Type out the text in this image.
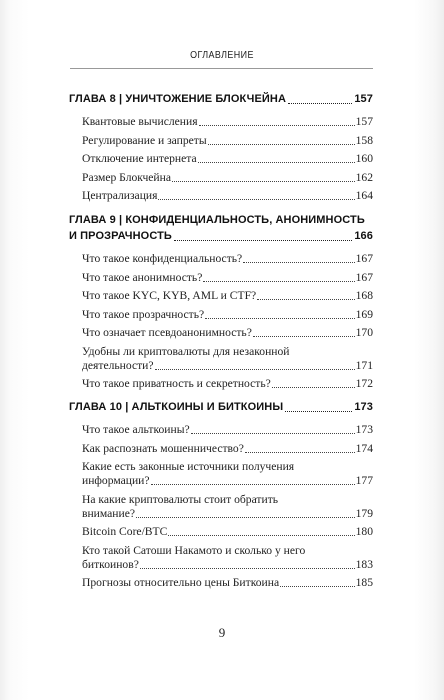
ОГЛАВЛЕНИЕ
ГЛАВА 8 | УНИЧТОЖЕНИЕ БЛОКЧЕЙНА	157
Квантовые вычисления	157
Регулирование и запреты	158
Отключение интернета	160
Размер Блокчейна	162
Централизация	164
ГЛАВА 9 | КОНФИДЕНЦИАЛЬНОСТЬ, АНОНИМНОСТЬ
И ПРОЗРАЧНОСТЬ	166
Что такое конфиденциальность?	167
Что такое анонимность?	167
Что такое KYC, KYB, AML и CTF?	168
Что такое прозрачность?	169
Что означает псевдоанонимность?	170
Удобны ли криптовалюты для незаконной
деятельности?	171
Что такое приватность и секретность?	172
ГЛАВА 10 | АЛЬТКОИНЫ И БИТКОИНЫ	173
Что такое альткоины?	173
Как распознать мошенничество?	174
Какие есть законные источники получения
информации?	177
На какие криптовалюты стоит обратить
внимание?	179
Bitcoin Core/BTC	180
Кто такой Сатоши Накамото и сколько у него
биткоинов?	183
Прогнозы относительно цены Биткоина	185
9
